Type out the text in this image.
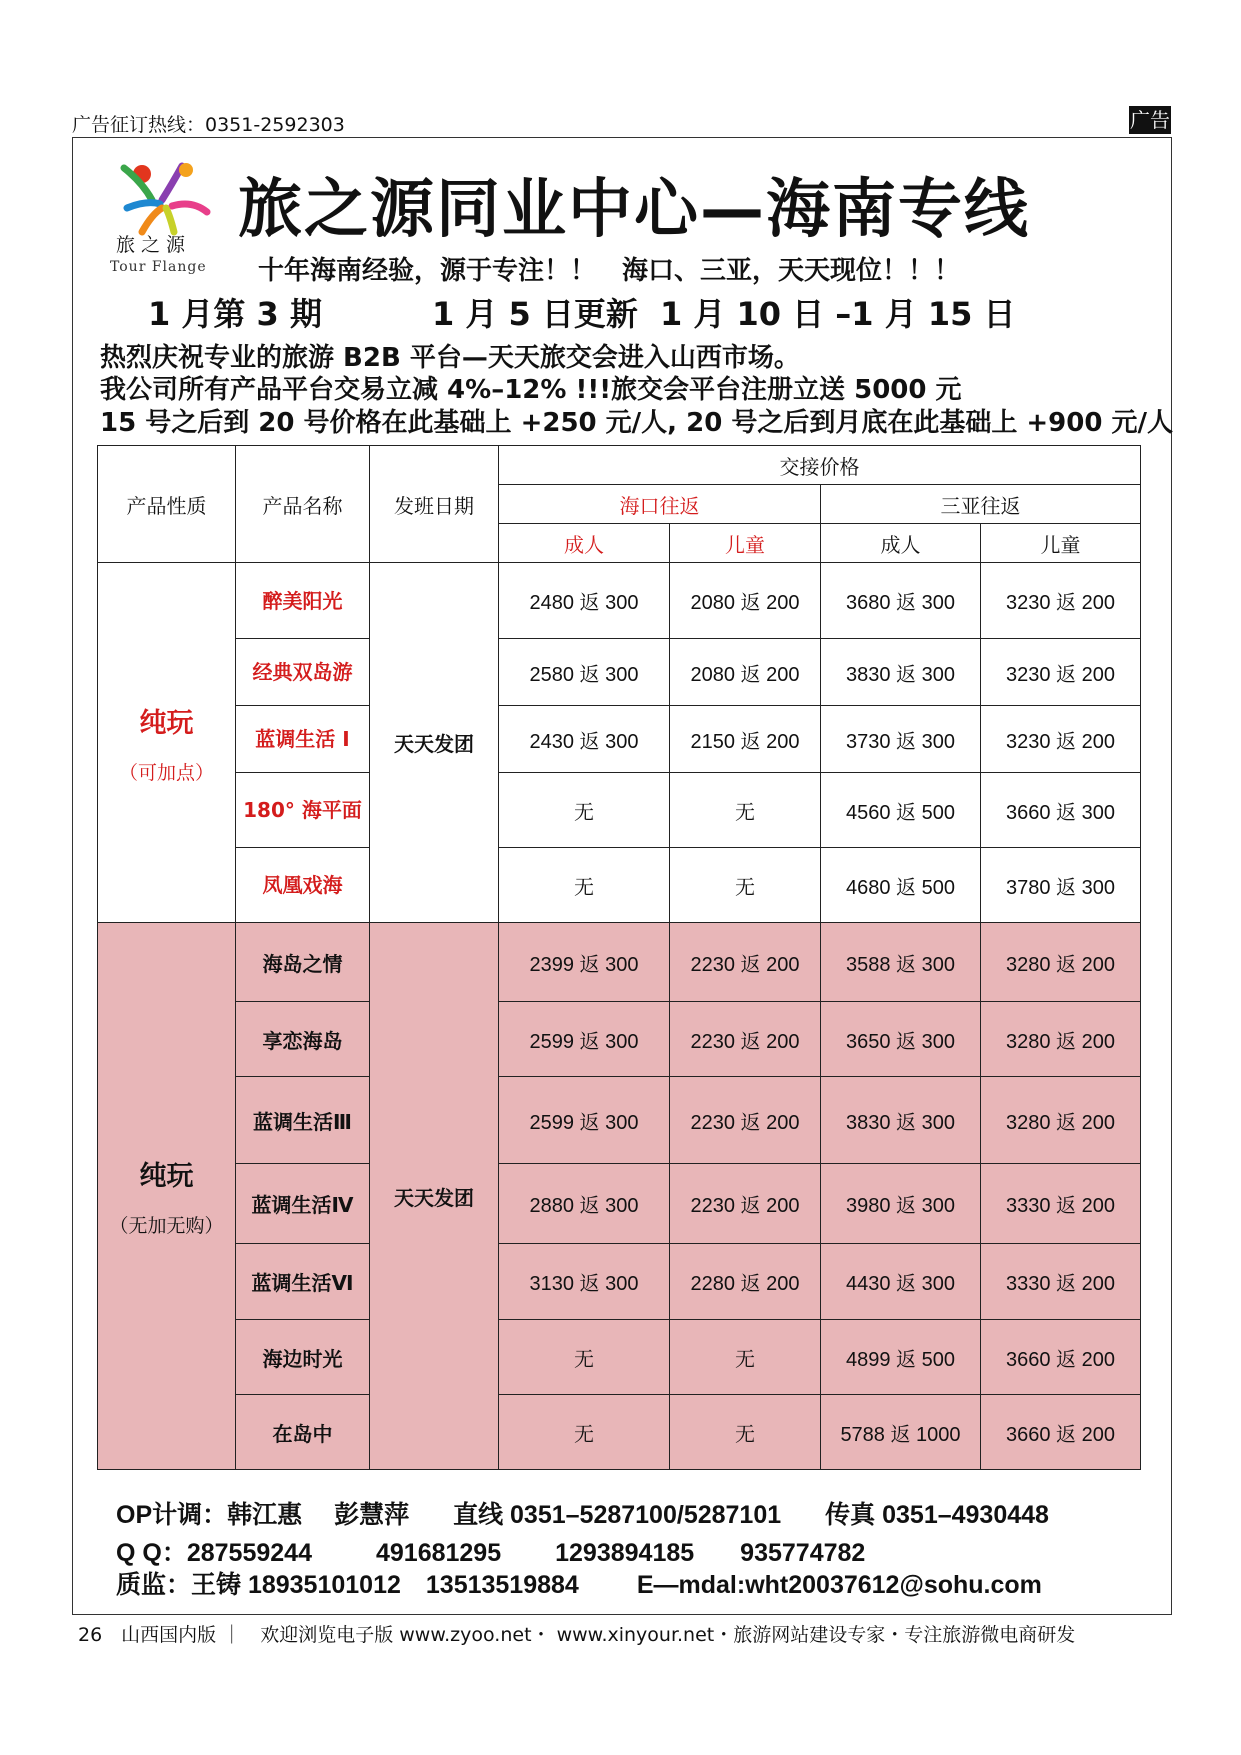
广告征订热线：0351-2592303	广告
旅之源
Tour Flange
旅之源同业中心—海南专线
十年海南经验，源于专注！！　海口、三亚，天天现位！！！
1 月第 3 期	1 月 5 日更新 1 月 10 日 –1 月 15 日
热烈庆祝专业的旅游 B2B 平台—天天旅交会进入山西市场。
我公司所有产品平台交易立减 4%–12% !!!旅交会平台注册立送 5000 元
15 号之后到 20 号价格在此基础上 +250 元/人, 20 号之后到月底在此基础上 +900 元/人
产品性质	产品名称	发班日期	交接价格			
			海口往返		三亚往返	
			成人	儿童	成人	儿童

纯玩
（可加点）	醉美阳光	天天发团	2480 返 300	2080 返 200	3680 返 300	3230 返 200
	经典双岛游		2580 返 300	2080 返 200	3830 返 300	3230 返 200
	蓝调生活 I		2430 返 300	2150 返 200	3730 返 300	3230 返 200
	180° 海平面		无	无	4560 返 500	3660 返 300
	凤凰戏海		无	无	4680 返 500	3780 返 300

纯玩
（无加无购）	海岛之情	天天发团	2399 返 300	2230 返 200	3588 返 300	3280 返 200
	享恋海岛		2599 返 300	2230 返 200	3650 返 300	3280 返 200
	蓝调生活Ⅲ		2599 返 300	2230 返 200	3830 返 300	3280 返 200
	蓝调生活Ⅳ		2880 返 300	2230 返 200	3980 返 300	3330 返 200
	蓝调生活Ⅵ		3130 返 300	2280 返 200	4430 返 300	3330 返 200
	海边时光		无	无	4899 返 500	3660 返 200
	在岛中		无	无	5788 返 1000	3660 返 200
OP计调：韩江惠　 彭慧萍 直线 0351–5287100/5287101 传真 0351–4930448
Q Q：287559244	491681295 1293894185 935774782
质监：王铸 18935101012　13513519884 E—mdal:wht20037612@sohu.com
26　山西国内版 ｜　欢迎浏览电子版 www.zyoo.net・ www.xinyour.net・旅游网站建设专家・专注旅游微电商研发
